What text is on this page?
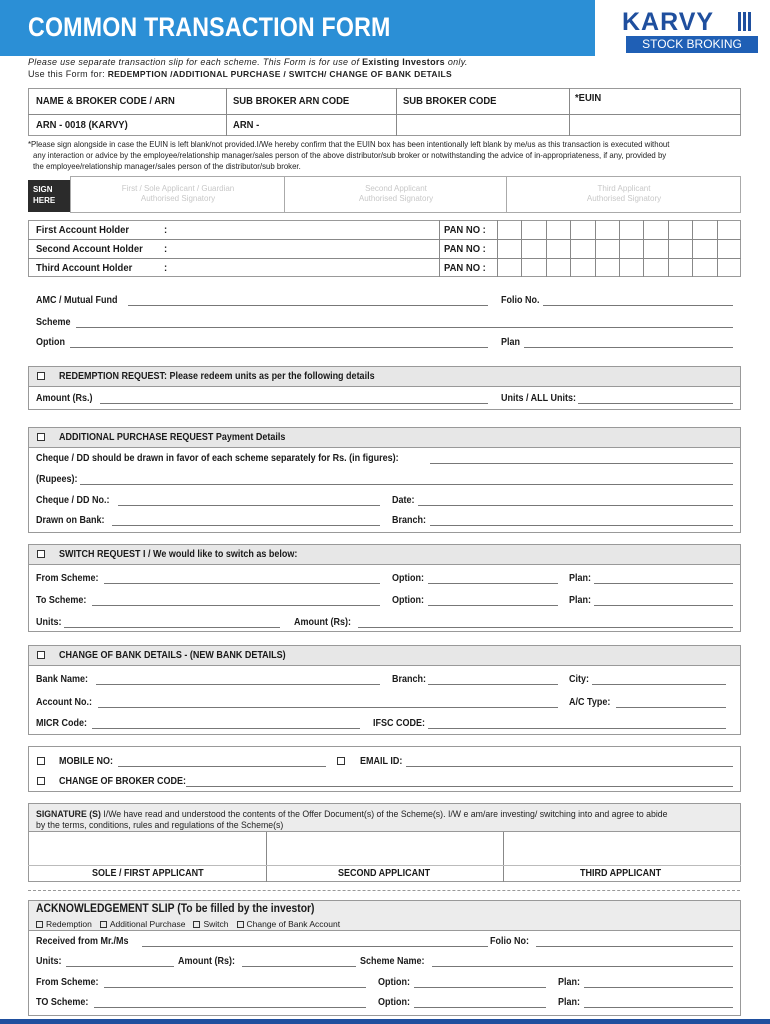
COMMON TRANSACTION FORM	KARVY
STOCK BROKING
Please use separate transaction slip for each scheme. This Form is for use of Existing Investors only.
Use this Form for: REDEMPTION /ADDITIONAL PURCHASE / SWITCH/ CHANGE OF BANK DETAILS
NAME & BROKER CODE / ARN	SUB BROKER ARN CODE	SUB BROKER CODE	*EUIN
ARN - 0018 (KARVY)	ARN -
*Please sign alongside in case the EUIN is left blank/not provided.I/We hereby confirm that the EUIN box has been intentionally left blank by me/us as this transaction is executed without
any interaction or advice by the employee/relationship manager/sales person of the above distributor/sub broker or notwithstanding the advice of in-appropriateness, if any, provided by
the employee/relationship manager/sales person of the distributor/sub broker.
SIGN
HERE
First / Sole Applicant / Guardian
Authorised Signatory
Second Applicant
Authorised Signatory
Third Applicant
Authorised Signatory
First Account Holder	:	PAN NO :
Second Account Holder :	PAN NO :
Third Account Holder	:	PAN NO :
AMC / Mutual Fund	Folio No.
Scheme
Option	Plan
REDEMPTION REQUEST: Please redeem units as per the following details
Amount (Rs.)	Units / ALL Units:
ADDITIONAL PURCHASE REQUEST Payment Details
Cheque / DD should be drawn in favor of each scheme separately for Rs. (in figures):
(Rupees):
Cheque / DD No.:	Date:
Drawn on Bank:	Branch:
SWITCH REQUEST I / We would like to switch as below:
From Scheme:	Option:	Plan:
To Scheme:	Option:	Plan:
Units:	Amount (Rs):
CHANGE OF BANK DETAILS - (NEW BANK DETAILS)
Bank Name:	Branch:	City:
Account No.:	A/C Type:
MICR Code:	IFSC CODE:
MOBILE NO:	EMAIL ID:
CHANGE OF BROKER CODE:
SIGNATURE (S) I/We have read and understood the contents of the Offer Document(s) of the Scheme(s). I/W e am/are investing/ switching into and agree to abide
by the terms, conditions, rules and regulations of the Scheme(s)
SOLE / FIRST APPLICANT	SECOND APPLICANT	THIRD APPLICANT
ACKNOWLEDGEMENT SLIP (To be filled by the investor)
Redemption Additional Purchase Switch Change of Bank Account
Received from Mr./Ms	Folio No:
Units:	Amount (Rs):	Scheme Name:
From Scheme:	Option:	Plan:
TO Scheme:	Option:	Plan:
